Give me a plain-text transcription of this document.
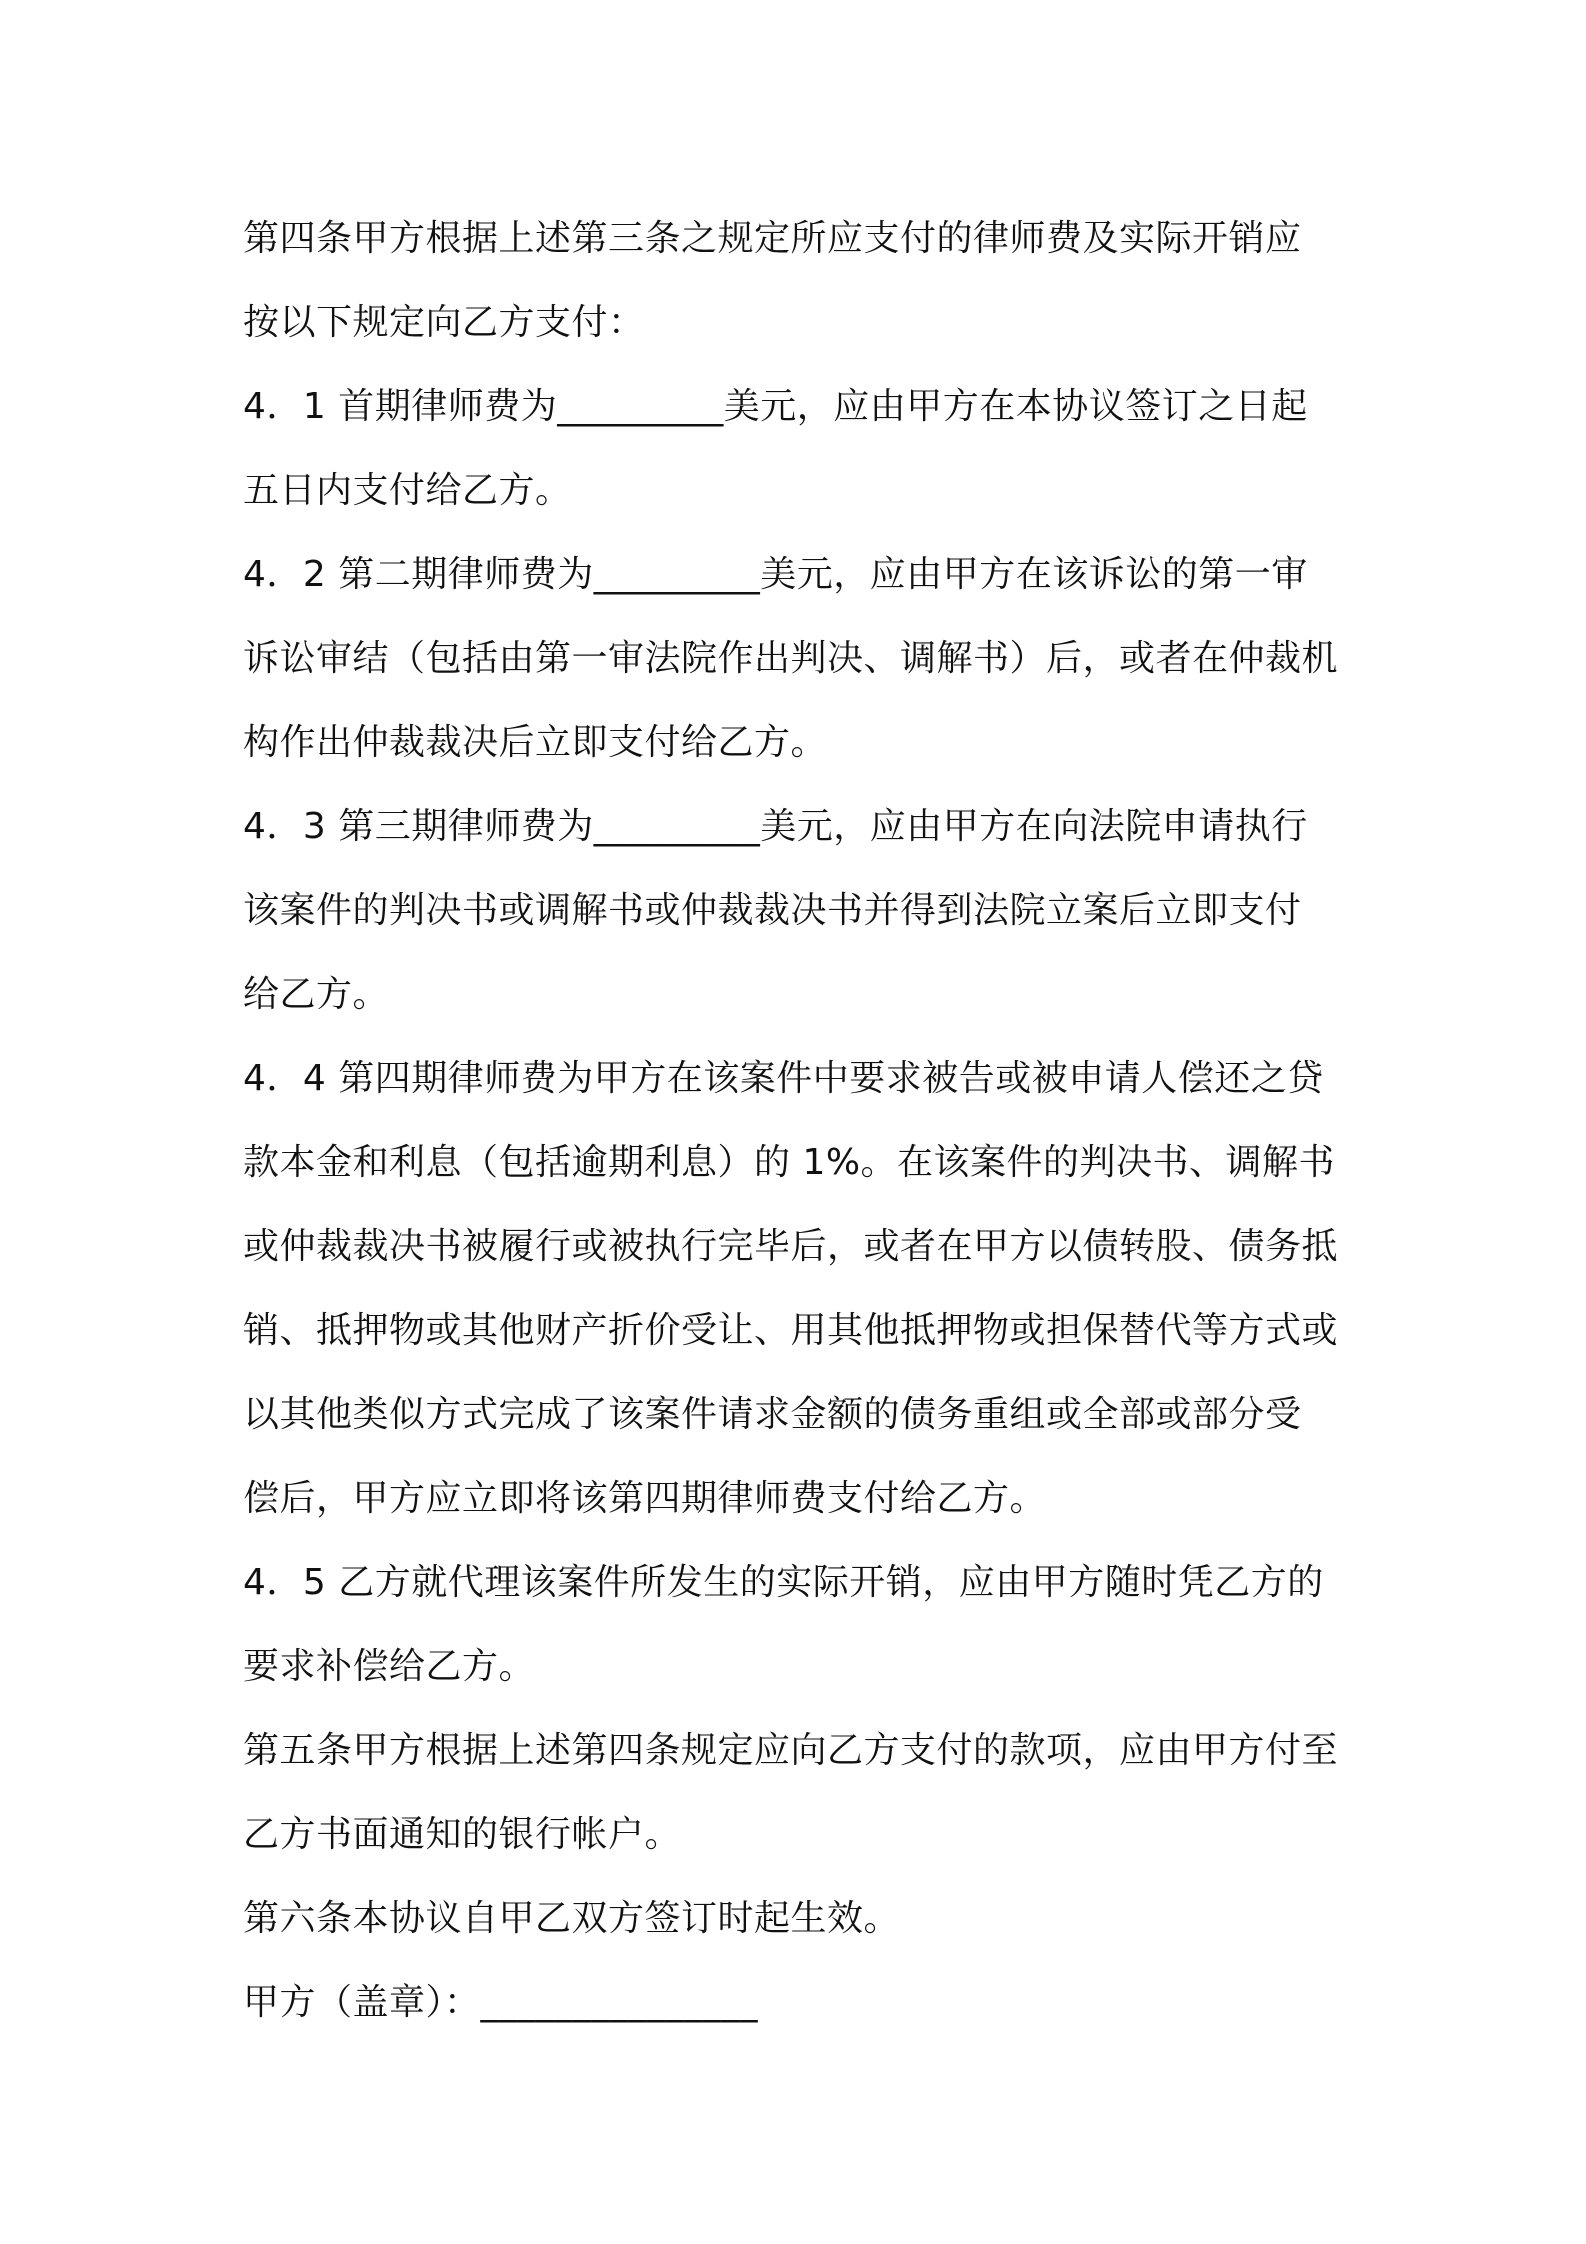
第四条甲方根据上述第三条之规定所应支付的律师费及实际开销应
按以下规定向乙方支付：
4．1 首期律师费为_________美元，应由甲方在本协议签订之日起
五日内支付给乙方。
4．2 第二期律师费为_________美元，应由甲方在该诉讼的第一审
诉讼审结（包括由第一审法院作出判决、调解书）后，或者在仲裁机
构作出仲裁裁决后立即支付给乙方。
4．3 第三期律师费为_________美元，应由甲方在向法院申请执行
该案件的判决书或调解书或仲裁裁决书并得到法院立案后立即支付
给乙方。
4．4 第四期律师费为甲方在该案件中要求被告或被申请人偿还之贷
款本金和利息（包括逾期利息）的 1%。在该案件的判决书、调解书
或仲裁裁决书被履行或被执行完毕后，或者在甲方以债转股、债务抵
销、抵押物或其他财产折价受让、用其他抵押物或担保替代等方式或
以其他类似方式完成了该案件请求金额的债务重组或全部或部分受
偿后，甲方应立即将该第四期律师费支付给乙方。
4．5 乙方就代理该案件所发生的实际开销，应由甲方随时凭乙方的
要求补偿给乙方。
第五条甲方根据上述第四条规定应向乙方支付的款项，应由甲方付至
乙方书面通知的银行帐户。
第六条本协议自甲乙双方签订时起生效。
甲方（盖章）：_______________
